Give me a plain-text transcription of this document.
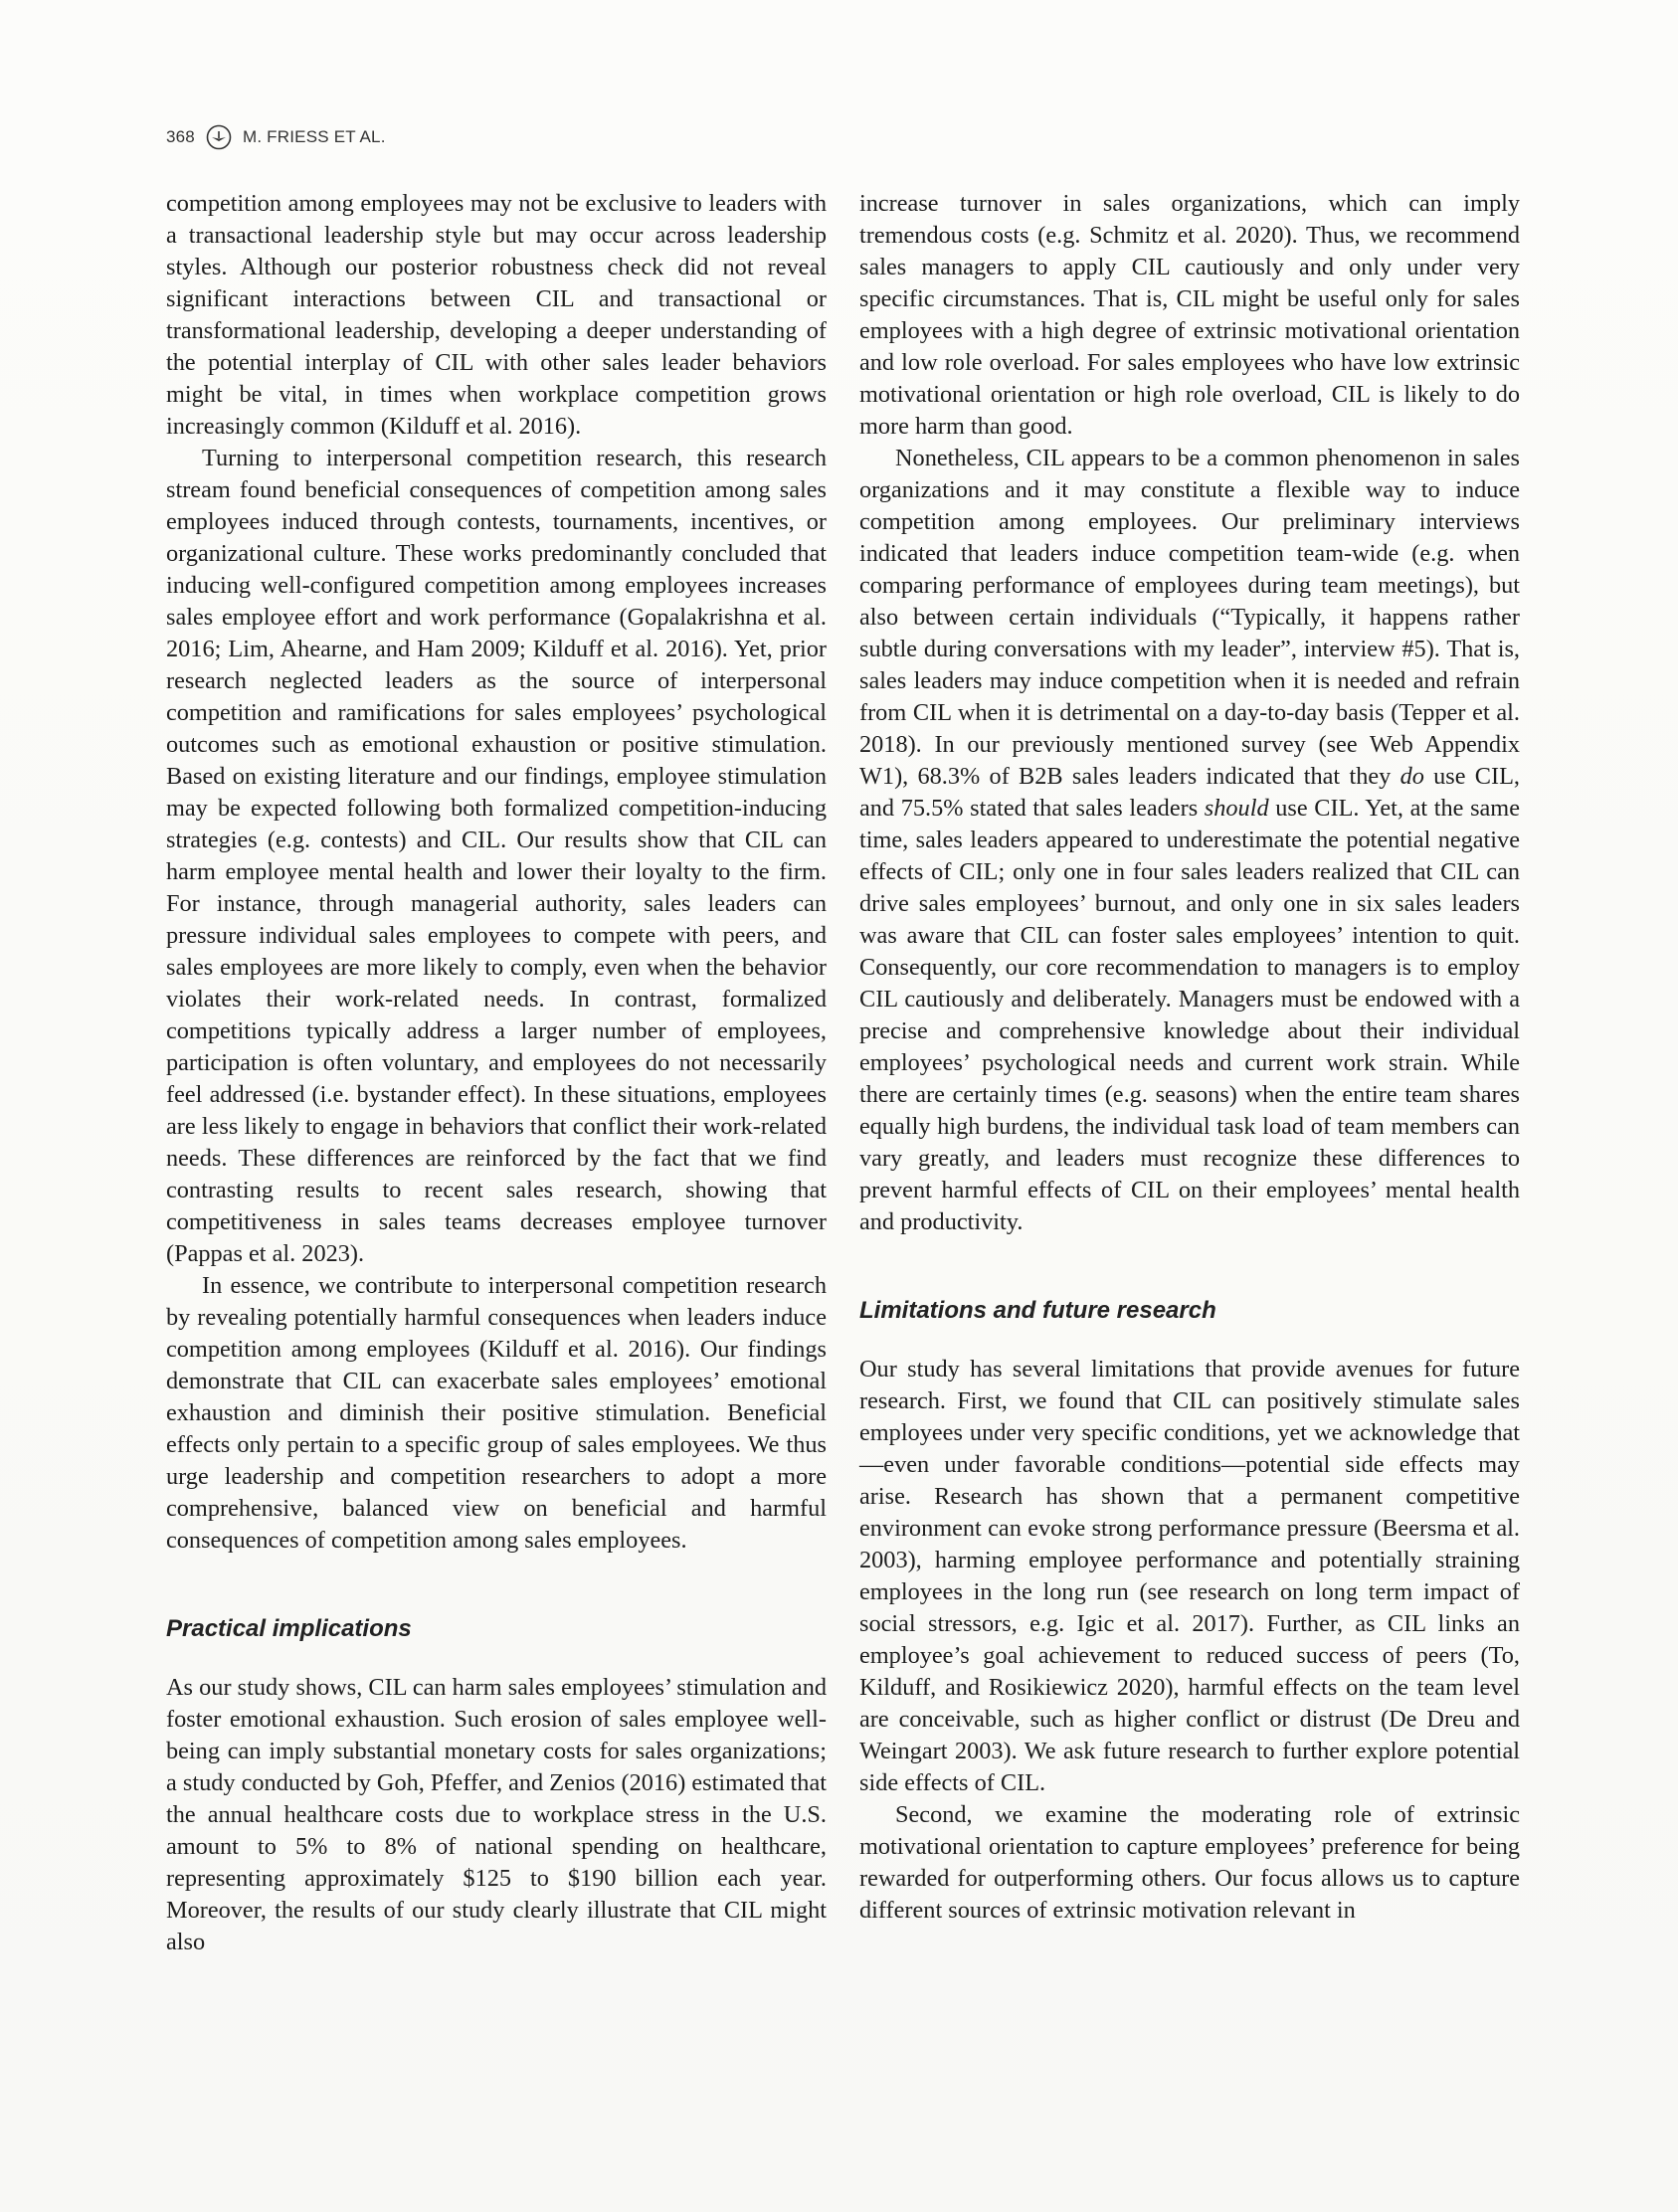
368	M. FRIESS ET AL.

competition among employees may not be exclusive to leaders with a transactional leadership style but may occur across leadership styles. Although our posterior robustness check did not reveal significant interactions between CIL and transactional or transformational leadership, developing a deeper understanding of the potential interplay of CIL with other sales leader behaviors might be vital, in times when workplace competition grows increasingly common (Kilduff et al. 2016).

Turning to interpersonal competition research, this research stream found beneficial consequences of competition among sales employees induced through contests, tournaments, incentives, or organizational culture. These works predominantly concluded that inducing well-configured competition among employees increases sales employee effort and work performance (Gopalakrishna et al. 2016; Lim, Ahearne, and Ham 2009; Kilduff et al. 2016). Yet, prior research neglected leaders as the source of interpersonal competition and ramifications for sales employees’ psychological outcomes such as emotional exhaustion or positive stimulation. Based on existing literature and our findings, employee stimulation may be expected following both formalized competition-inducing strategies (e.g. contests) and CIL. Our results show that CIL can harm employee mental health and lower their loyalty to the firm. For instance, through managerial authority, sales leaders can pressure individual sales employees to compete with peers, and sales employees are more likely to comply, even when the behavior violates their work-related needs. In contrast, formalized competitions typically address a larger number of employees, participation is often voluntary, and employees do not necessarily feel addressed (i.e. bystander effect). In these situations, employees are less likely to engage in behaviors that conflict their work-related needs. These differences are reinforced by the fact that we find contrasting results to recent sales research, showing that competitiveness in sales teams decreases employee turnover (Pappas et al. 2023).

In essence, we contribute to interpersonal competition research by revealing potentially harmful consequences when leaders induce competition among employees (Kilduff et al. 2016). Our findings demonstrate that CIL can exacerbate sales employees’ emotional exhaustion and diminish their positive stimulation. Beneficial effects only pertain to a specific group of sales employees. We thus urge leadership and competition researchers to adopt a more comprehensive, balanced view on beneficial and harmful consequences of competition among sales employees.

Practical implications

As our study shows, CIL can harm sales employees’ stimulation and foster emotional exhaustion. Such erosion of sales employee well-being can imply substantial monetary costs for sales organizations; a study conducted by Goh, Pfeffer, and Zenios (2016) estimated that the annual healthcare costs due to workplace stress in the U.S. amount to 5% to 8% of national spending on healthcare, representing approximately $125 to $190 billion each year. Moreover, the results of our study clearly illustrate that CIL might also

increase turnover in sales organizations, which can imply tremendous costs (e.g. Schmitz et al. 2020). Thus, we recommend sales managers to apply CIL cautiously and only under very specific circumstances. That is, CIL might be useful only for sales employees with a high degree of extrinsic motivational orientation and low role overload. For sales employees who have low extrinsic motivational orientation or high role overload, CIL is likely to do more harm than good.

Nonetheless, CIL appears to be a common phenomenon in sales organizations and it may constitute a flexible way to induce competition among employees. Our preliminary interviews indicated that leaders induce competition team-wide (e.g. when comparing performance of employees during team meetings), but also between certain individuals (“Typically, it happens rather subtle during conversations with my leader”, interview #5). That is, sales leaders may induce competition when it is needed and refrain from CIL when it is detrimental on a day-to-day basis (Tepper et al. 2018). In our previously mentioned survey (see Web Appendix W1), 68.3% of B2B sales leaders indicated that they do use CIL, and 75.5% stated that sales leaders should use CIL. Yet, at the same time, sales leaders appeared to underestimate the potential negative effects of CIL; only one in four sales leaders realized that CIL can drive sales employees’ burnout, and only one in six sales leaders was aware that CIL can foster sales employees’ intention to quit. Consequently, our core recommendation to managers is to employ CIL cautiously and deliberately. Managers must be endowed with a precise and comprehensive knowledge about their individual employees’ psychological needs and current work strain. While there are certainly times (e.g. seasons) when the entire team shares equally high burdens, the individual task load of team members can vary greatly, and leaders must recognize these differences to prevent harmful effects of CIL on their employees’ mental health and productivity.

Limitations and future research

Our study has several limitations that provide avenues for future research. First, we found that CIL can positively stimulate sales employees under very specific conditions, yet we acknowledge that—even under favorable conditions—potential side effects may arise. Research has shown that a permanent competitive environment can evoke strong performance pressure (Beersma et al. 2003), harming employee performance and potentially straining employees in the long run (see research on long term impact of social stressors, e.g. Igic et al. 2017). Further, as CIL links an employee’s goal achievement to reduced success of peers (To, Kilduff, and Rosikiewicz 2020), harmful effects on the team level are conceivable, such as higher conflict or distrust (De Dreu and Weingart 2003). We ask future research to further explore potential side effects of CIL.

Second, we examine the moderating role of extrinsic motivational orientation to capture employees’ preference for being rewarded for outperforming others. Our focus allows us to capture different sources of extrinsic motivation relevant in
